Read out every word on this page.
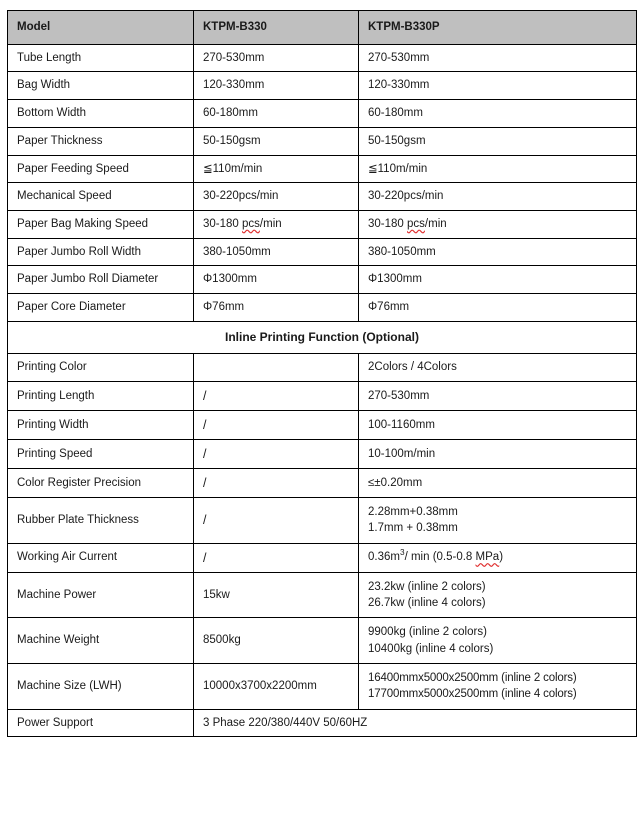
Model	KTPM-B330	KTPM-B330P
Tube Length	270-530mm	270-530mm
Bag Width	120-330mm	120-330mm
Bottom Width	60-180mm	60-180mm
Paper Thickness	50-150gsm	50-150gsm
Paper Feeding Speed	≦110m/min	≦110m/min
Mechanical Speed	30-220pcs/min	30-220pcs/min
Paper Bag Making Speed	30-180 pcs/min	30-180 pcs/min
Paper Jumbo Roll Width	380-1050mm	380-1050mm
Paper Jumbo Roll Diameter	Φ1300mm	Φ1300mm
Paper Core Diameter	Φ76mm	Φ76mm
Inline Printing Function (Optional)		
Printing Color		2Colors / 4Colors
Printing Length	/	270-530mm
Printing Width	/	100-1160mm
Printing Speed	/	10-100m/min
Color Register Precision	/	≤±0.20mm
Rubber Plate Thickness	/	2.28mm+0.38mm
1.7mm + 0.38mm

Working Air Current	/	$0.36m^3/$ min (0.5-0.8 MPa)
Machine Power	15kw	23.2kw (inline 2 colors)
26.7kw (inline 4 colors)

Machine Weight	8500kg	9900kg (inline 2 colors)
10400kg (inline 4 colors)

Machine Size (LWH)	10000x3700x2200mm	16400mmx5000x2500mm (inline 2 colors)
17700mmx5000x2500mm (inline 4 colors)

Power Support	3 Phase 220/380/440V 50/60HZ	
